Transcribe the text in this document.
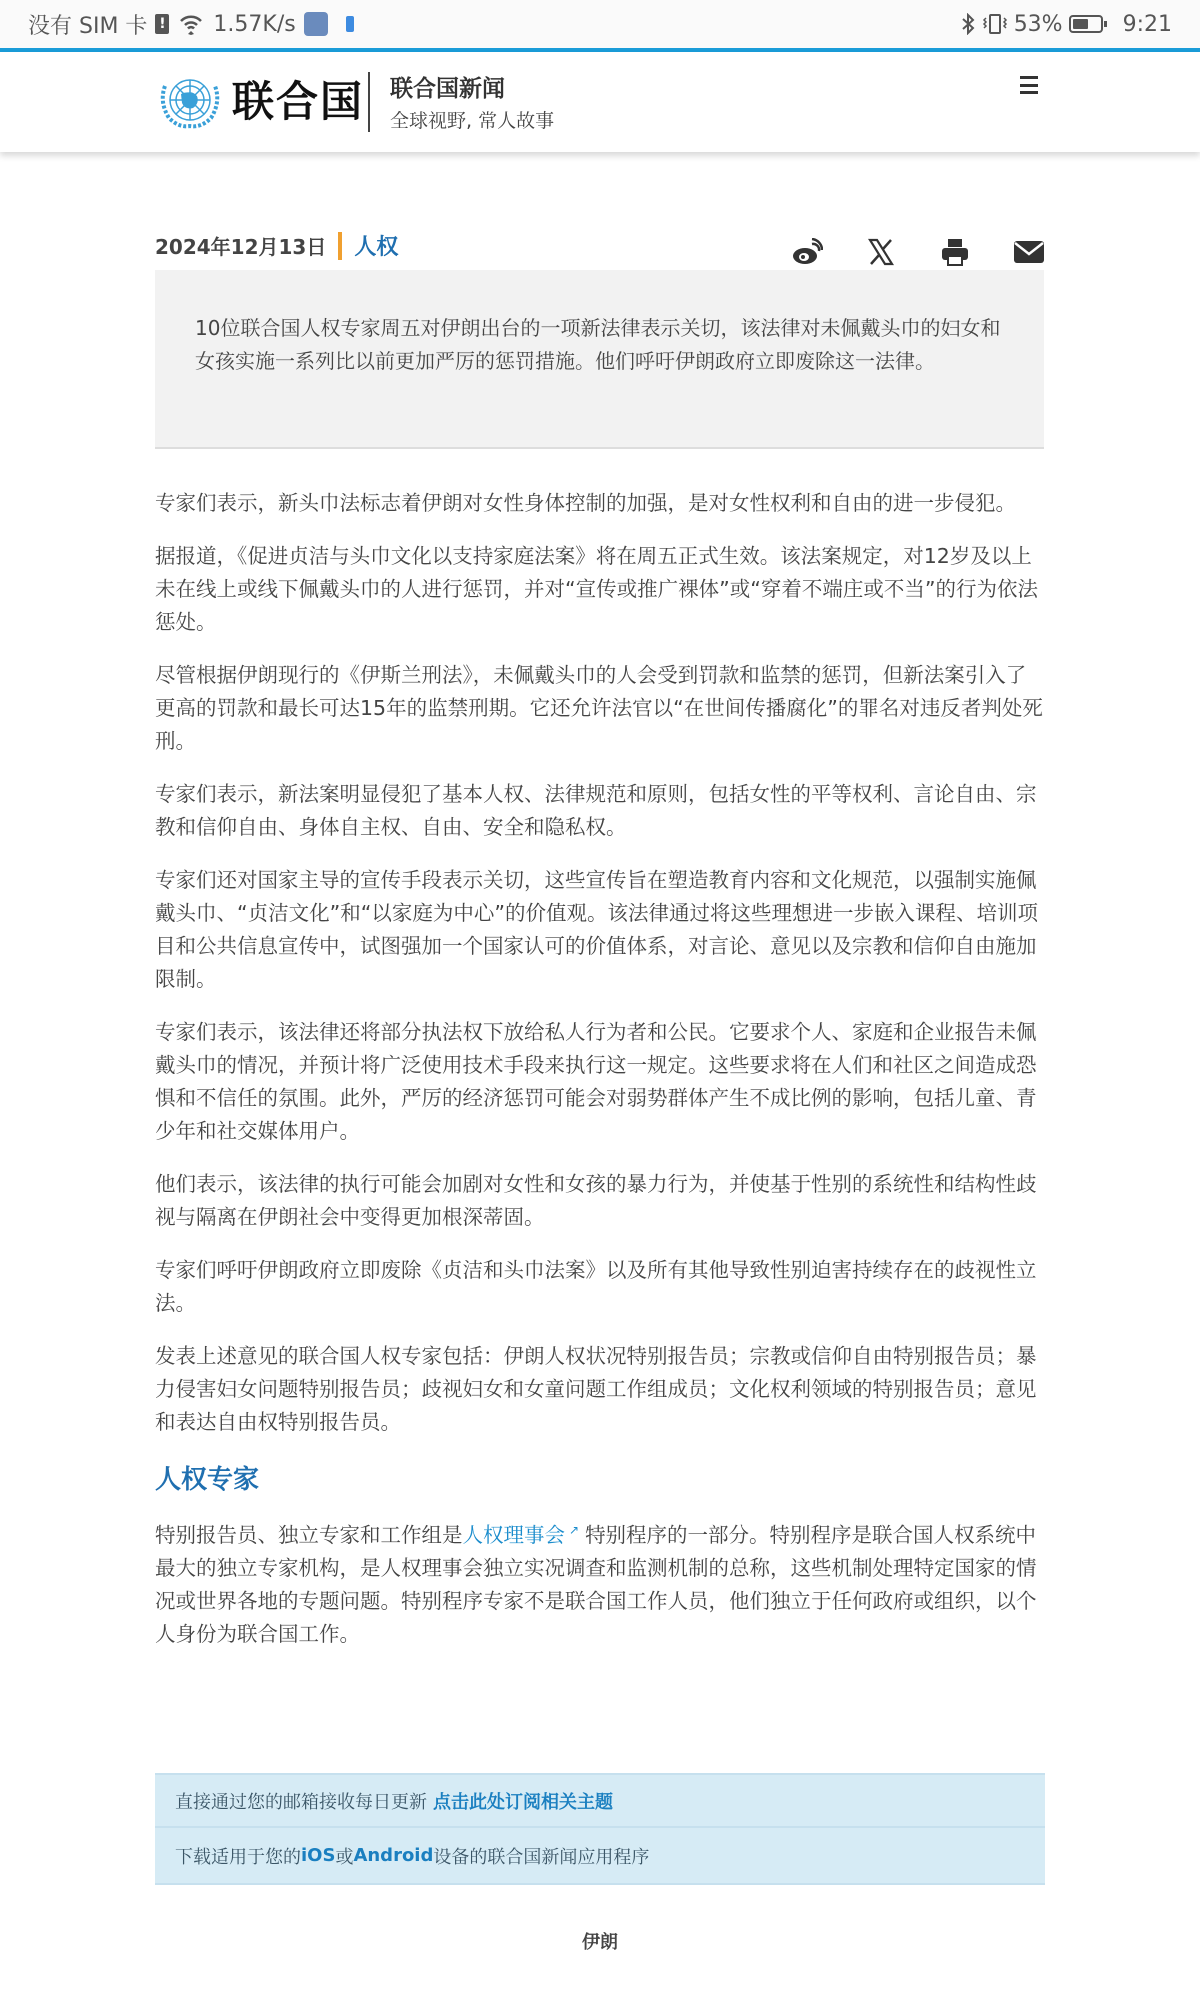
没有 SIM 卡 ! 1.57K/s	53%	9:21
联合国 联合国新闻
全球视野, 常人故事
2024年12月13日 人权

10位联合国人权专家周五对伊朗出台的一项新法律表示关切，该法律对未佩戴头巾的妇女和女孩实施一系列比以前更加严厉的惩罚措施。他们呼吁伊朗政府立即废除这一法律。

专家们表示，新头巾法标志着伊朗对女性身体控制的加强，是对女性权利和自由的进一步侵犯。

据报道，《促进贞洁与头巾文化以支持家庭法案》将在周五正式生效。该法案规定，对12岁及以上未在线上或线下佩戴头巾的人进行惩罚，并对“宣传或推广裸体”或“穿着不端庄或不当”的行为依法惩处。

尽管根据伊朗现行的《伊斯兰刑法》，未佩戴头巾的人会受到罚款和监禁的惩罚，但新法案引入了更高的罚款和最长可达15年的监禁刑期。它还允许法官以“在世间传播腐化”的罪名对违反者判处死刑。

专家们表示，新法案明显侵犯了基本人权、法律规范和原则，包括女性的平等权利、言论自由、宗教和信仰自由、身体自主权、自由、安全和隐私权。

专家们还对国家主导的宣传手段表示关切，这些宣传旨在塑造教育内容和文化规范，以强制实施佩戴头巾、“贞洁文化”和“以家庭为中心”的价值观。该法律通过将这些理想进一步嵌入课程、培训项目和公共信息宣传中，试图强加一个国家认可的价值体系，对言论、意见以及宗教和信仰自由施加限制。

专家们表示，该法律还将部分执法权下放给私人行为者和公民。它要求个人、家庭和企业报告未佩戴头巾的情况，并预计将广泛使用技术手段来执行这一规定。这些要求将在人们和社区之间造成恐惧和不信任的氛围。此外，严厉的经济惩罚可能会对弱势群体产生不成比例的影响，包括儿童、青少年和社交媒体用户。

他们表示，该法律的执行可能会加剧对女性和女孩的暴力行为，并使基于性别的系统性和结构性歧视与隔离在伊朗社会中变得更加根深蒂固。

专家们呼吁伊朗政府立即废除《贞洁和头巾法案》以及所有其他导致性别迫害持续存在的歧视性立法。

发表上述意见的联合国人权专家包括：伊朗人权状况特别报告员；宗教或信仰自由特别报告员；暴力侵害妇女问题特别报告员；歧视妇女和女童问题工作组成员；文化权利领域的特别报告员；意见和表达自由权特别报告员。

人权专家

特别报告员、独立专家和工作组是人权理事会 ↗ 特别程序的一部分。特别程序是联合国人权系统中最大的独立专家机构，是人权理事会独立实况调查和监测机制的总称，这些机制处理特定国家的情况或世界各地的专题问题。特别程序专家不是联合国工作人员，他们独立于任何政府或组织，以个人身份为联合国工作。

直接通过您的邮箱接收每日更新 点击此处订阅相关主题
下载适用于您的 iOS 或 Android 设备的联合国新闻应用程序
伊朗
